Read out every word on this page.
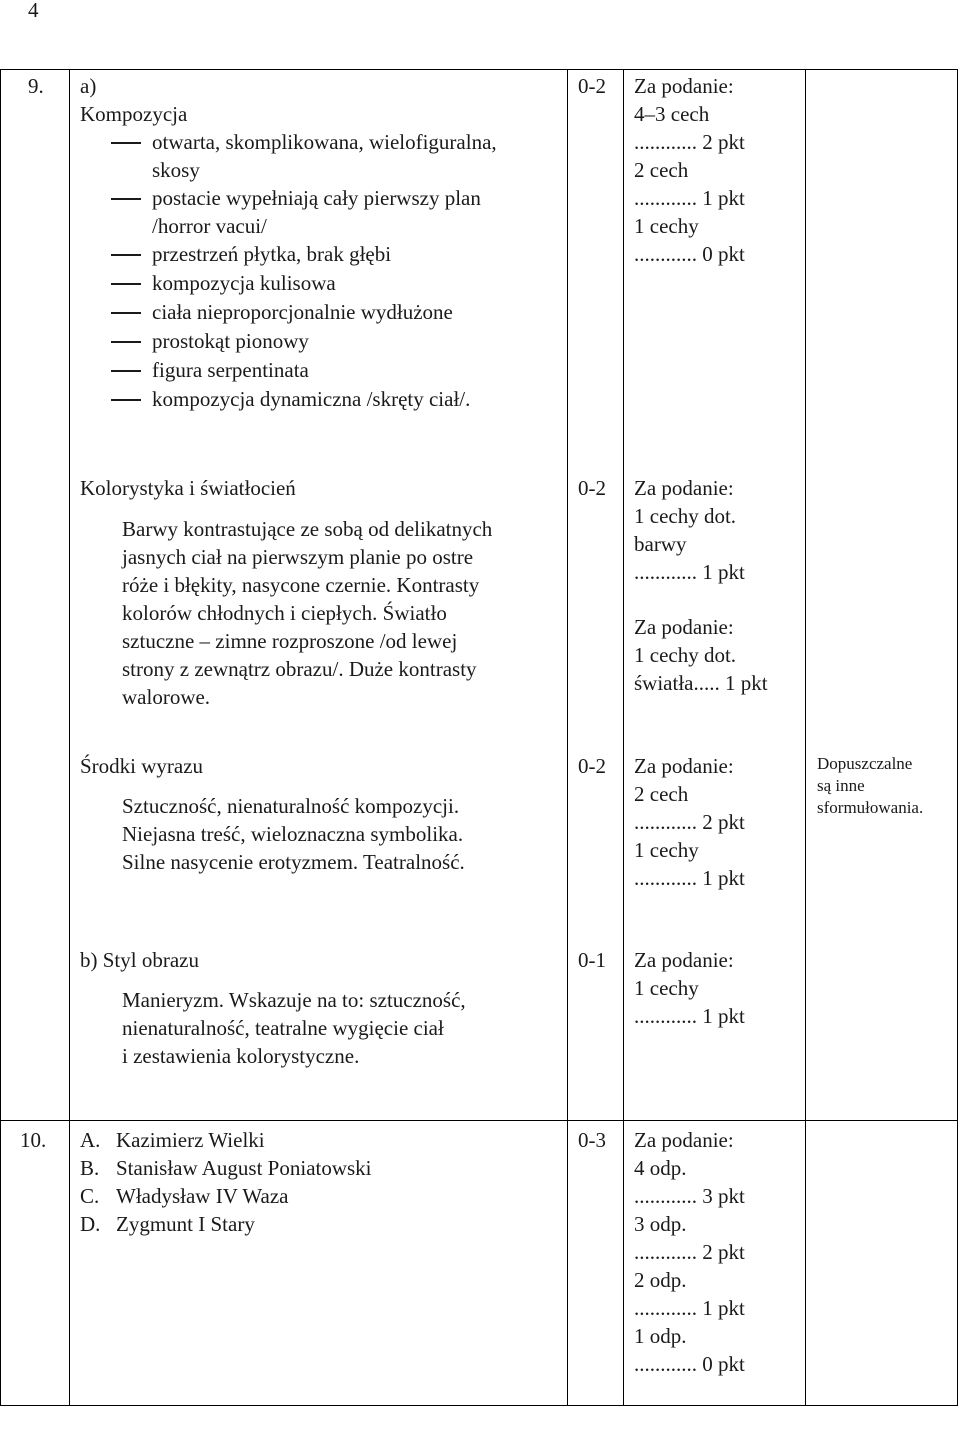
4
9. a)
Kompozycja
otwarta, skomplikowana, wielofiguralna,
skosy
postacie wypełniają cały pierwszy plan
/horror vacui/
przestrzeń płytka, brak głębi
kompozycja kulisowa
ciała nieproporcjonalnie wydłużone
prostokąt pionowy
figura serpentinata
kompozycja dynamiczna /skręty ciał/.
0-2 Za podanie:
4–3 cech
............ 2 pkt
2 cech
............ 1 pkt
1 cechy
............ 0 pkt
Kolorystyka i światłocień
Barwy kontrastujące ze sobą od delikatnych
jasnych ciał na pierwszym planie po ostre
róże i błękity, nasycone czernie. Kontrasty
kolorów chłodnych i ciepłych. Światło
sztuczne – zimne rozproszone /od lewej
strony z zewnątrz obrazu/. Duże kontrasty
walorowe.
0-2 Za podanie:
1 cechy dot.
barwy
............ 1 pkt
Za podanie:
1 cechy dot.
światła..... 1 pkt
Środki wyrazu
Sztuczność, nienaturalność kompozycji.
Niejasna treść, wieloznaczna symbolika.
Silne nasycenie erotyzmem. Teatralność.
0-2 Za podanie:
2 cech
............ 2 pkt
1 cechy
............ 1 pkt
Dopuszczalne
są inne
sformułowania.
b) Styl obrazu
Manieryzm. Wskazuje na to: sztuczność,
nienaturalność, teatralne wygięcie ciał
i zestawienia kolorystyczne.
0-1 Za podanie:
1 cechy
............ 1 pkt
10. A. Kazimierz Wielki
B. Stanisław August Poniatowski
C. Władysław IV Waza
D. Zygmunt I Stary
0-3 Za podanie:
4 odp.
............ 3 pkt
3 odp.
............ 2 pkt
2 odp.
............ 1 pkt
1 odp.
............ 0 pkt
